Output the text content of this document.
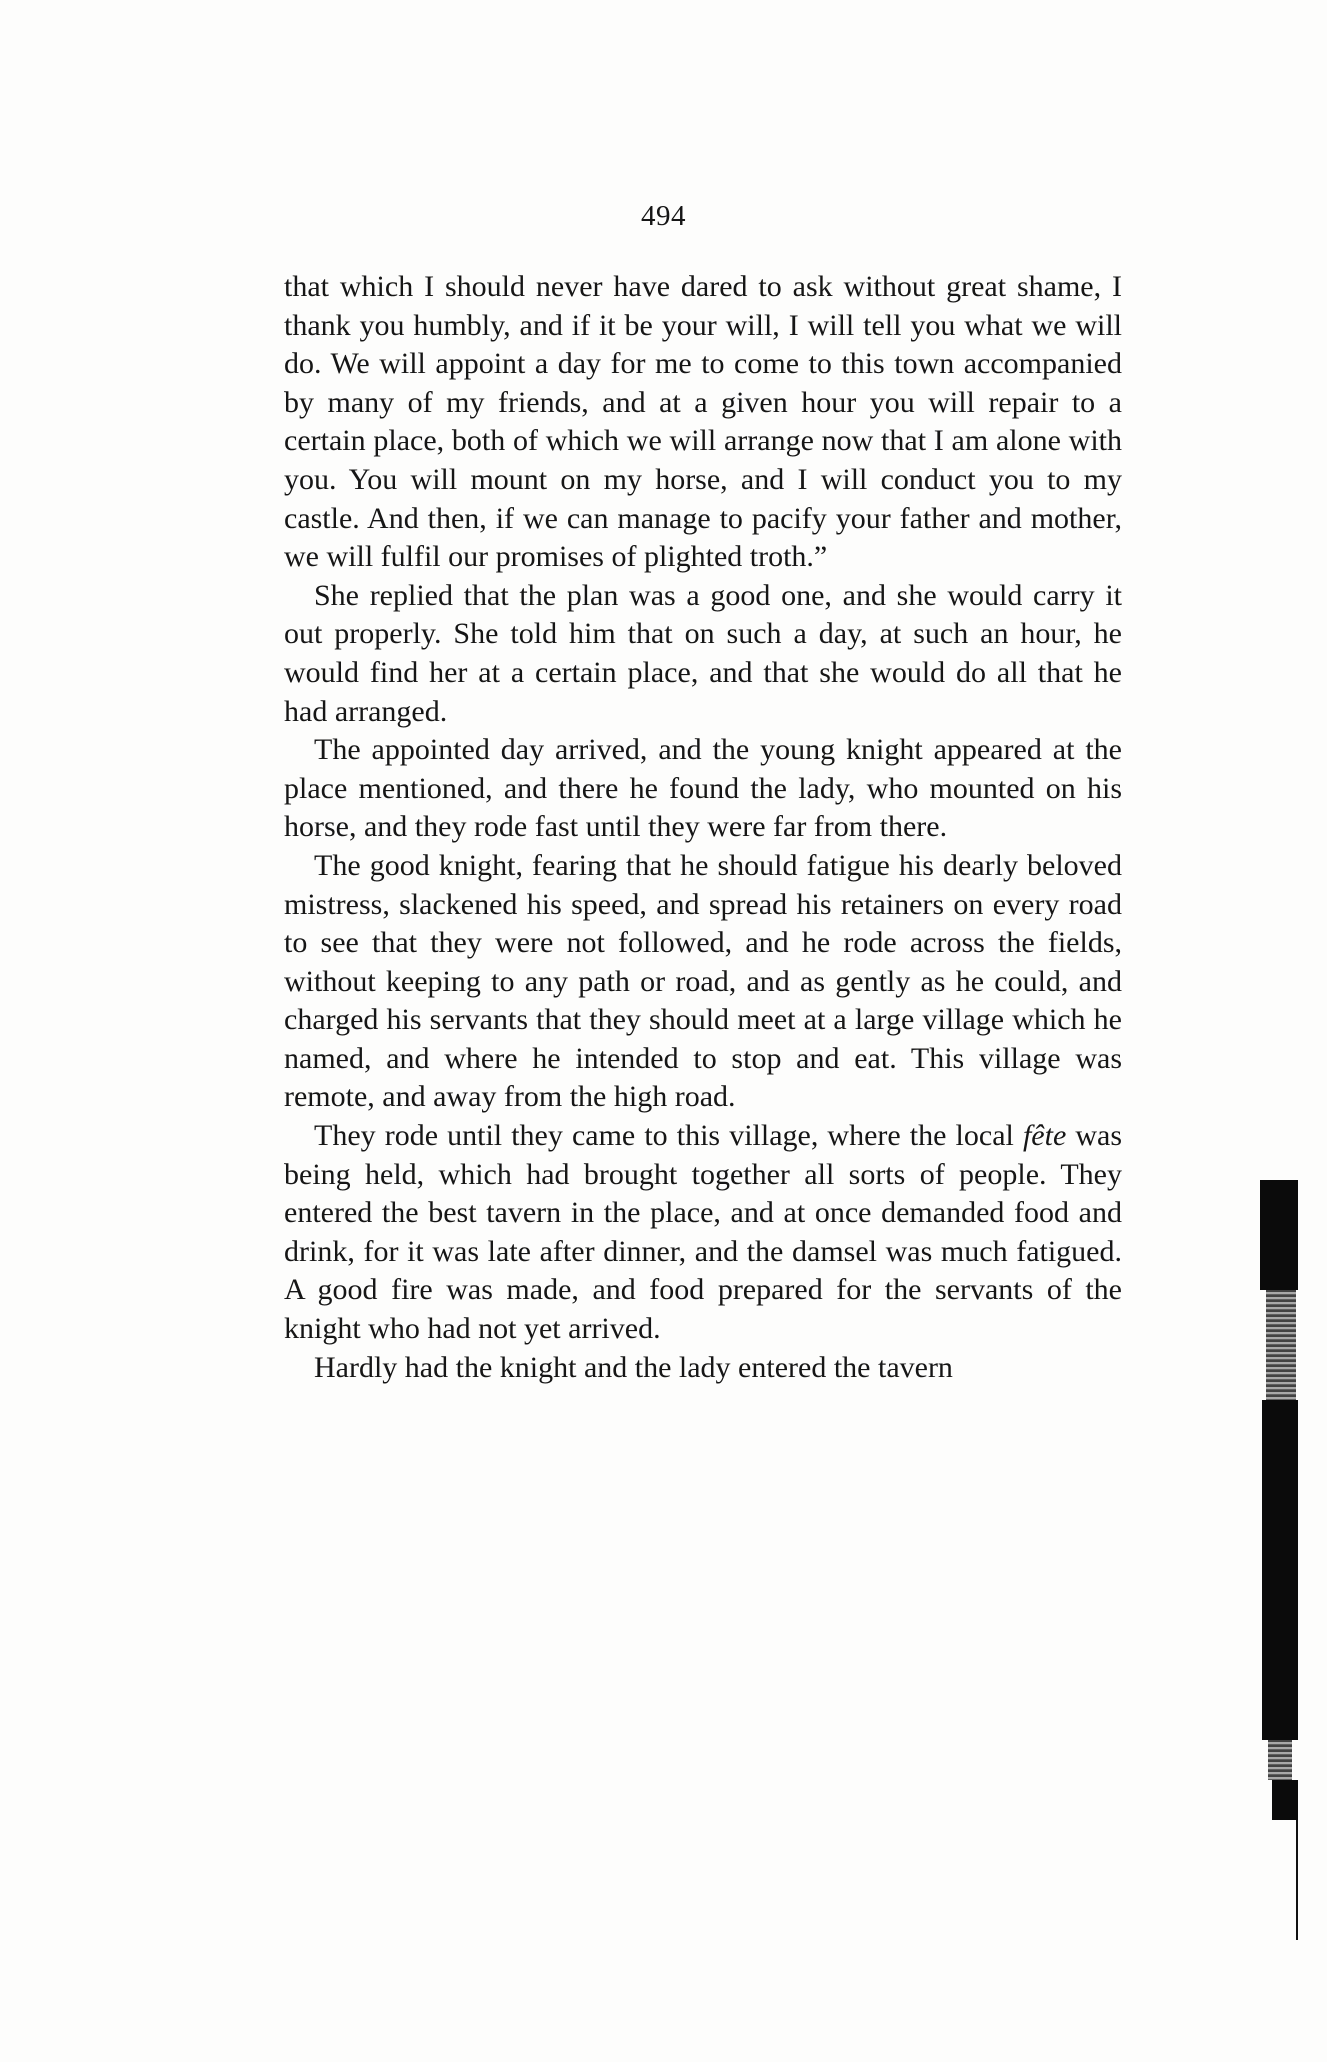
494

that which I should never have dared to ask without great shame, I thank you humbly, and if it be your will, I will tell you what we will do. We will appoint a day for me to come to this town accompanied by many of my friends, and at a given hour you will repair to a certain place, both of which we will arrange now that I am alone with you. You will mount on my horse, and I will conduct you to my castle. And then, if we can manage to pacify your father and mother, we will fulfil our promises of plighted troth.”

She replied that the plan was a good one, and she would carry it out properly. She told him that on such a day, at such an hour, he would find her at a certain place, and that she would do all that he had arranged.

The appointed day arrived, and the young knight appeared at the place mentioned, and there he found the lady, who mounted on his horse, and they rode fast until they were far from there.

The good knight, fearing that he should fatigue his dearly beloved mistress, slackened his speed, and spread his retainers on every road to see that they were not followed, and he rode across the fields, without keeping to any path or road, and as gently as he could, and charged his servants that they should meet at a large village which he named, and where he intended to stop and eat. This village was remote, and away from the high road.

They rode until they came to this village, where the local fête was being held, which had brought together all sorts of people. They entered the best tavern in the place, and at once demanded food and drink, for it was late after dinner, and the damsel was much fatigued. A good fire was made, and food prepared for the servants of the knight who had not yet arrived.

Hardly had the knight and the lady entered the tavern
